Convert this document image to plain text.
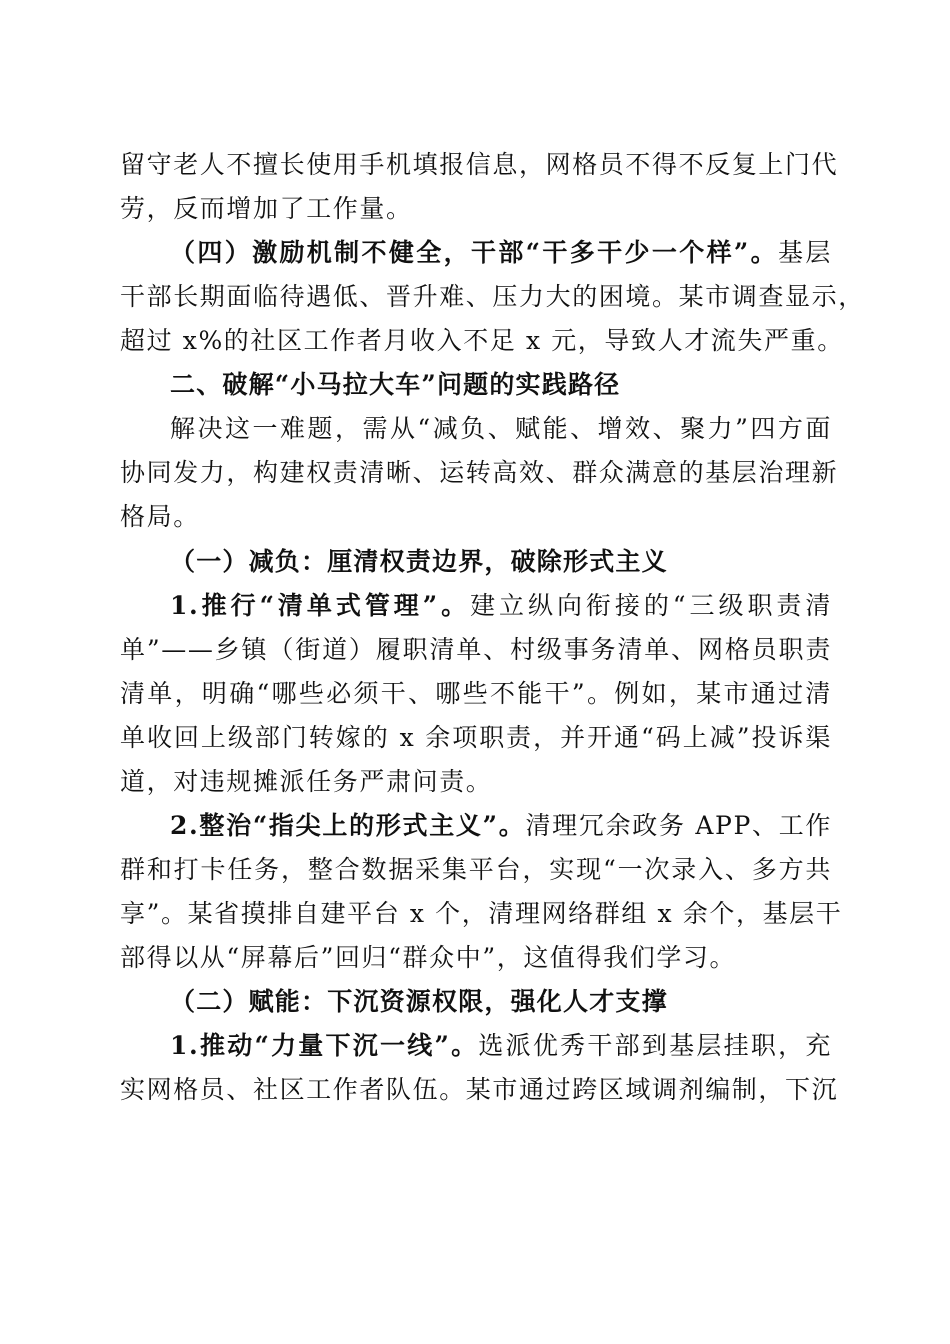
留守老人不擅长使用手机填报信息，网格员不得不反复上门代
劳，反而增加了工作量。
（四）激励机制不健全，干部“干多干少一个样”。基层
干部长期面临待遇低、晋升难、压力大的困境。某市调查显示，
超过 x%的社区工作者月收入不足 x 元，导致人才流失严重。
二、破解“小马拉大车”问题的实践路径
解决这一难题，需从“减负、赋能、增效、聚力”四方面
协同发力，构建权责清晰、运转高效、群众满意的基层治理新
格局。
（一）减负：厘清权责边界，破除形式主义
1.推行“清单式管理”。建立纵向衔接的“三级职责清
单”——乡镇（街道）履职清单、村级事务清单、网格员职责
清单，明确“哪些必须干、哪些不能干”。例如，某市通过清
单收回上级部门转嫁的 x 余项职责，并开通“码上减”投诉渠
道，对违规摊派任务严肃问责。
2.整治“指尖上的形式主义”。清理冗余政务 APP、工作
群和打卡任务，整合数据采集平台，实现“一次录入、多方共
享”。某省摸排自建平台 x 个，清理网络群组 x 余个，基层干
部得以从“屏幕后”回归“群众中”，这值得我们学习。
（二）赋能：下沉资源权限，强化人才支撑
1.推动“力量下沉一线”。选派优秀干部到基层挂职，充
实网格员、社区工作者队伍。某市通过跨区域调剂编制，下沉
